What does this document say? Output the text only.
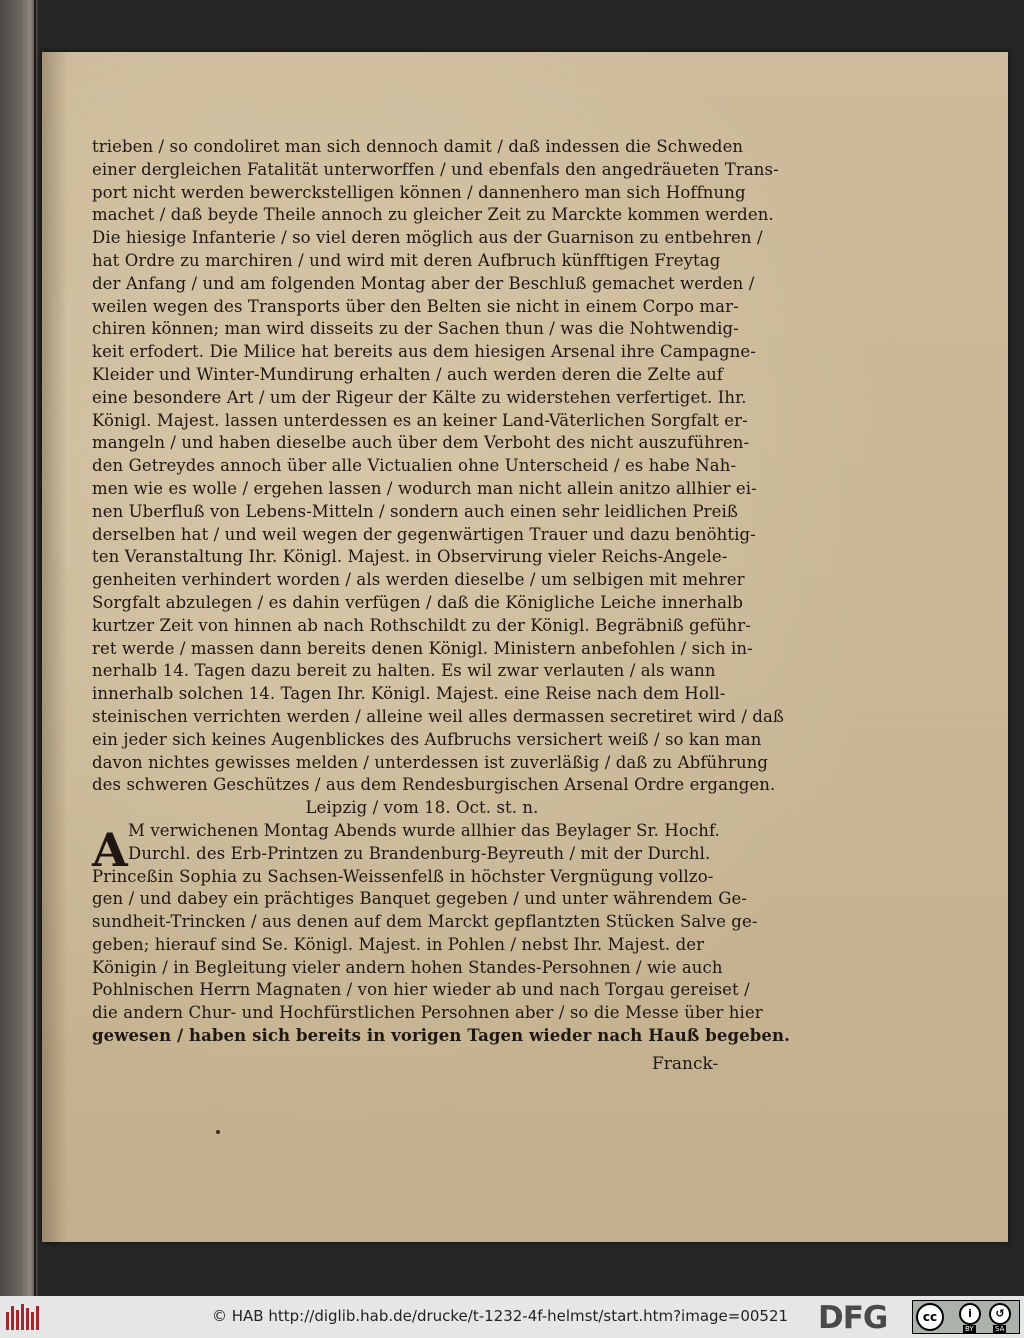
trieben / so condoliret man sich dennoch damit / daß indessen die Schweden
einer dergleichen Fatalität unterworffen / und ebenfals den angedräueten Trans-
port nicht werden bewerckstelligen können / dannenhero man sich Hoffnung
machet / daß beyde Theile annoch zu gleicher Zeit zu Marckte kommen werden.
Die hiesige Infanterie / so viel deren möglich aus der Guarnison zu entbehren /
hat Ordre zu marchiren / und wird mit deren Aufbruch künfftigen Freytag
der Anfang / und am folgenden Montag aber der Beschluß gemachet werden /
weilen wegen des Transports über den Belten sie nicht in einem Corpo mar-
chiren können; man wird disseits zu der Sachen thun / was die Nohtwendig-
keit erfodert. Die Milice hat bereits aus dem hiesigen Arsenal ihre Campagne-
Kleider und Winter-Mundirung erhalten / auch werden deren die Zelte auf
eine besondere Art / um der Rigeur der Kälte zu widerstehen verfertiget. Ihr.
Königl. Majest. lassen unterdessen es an keiner Land-Väterlichen Sorgfalt er-
mangeln / und haben dieselbe auch über dem Verboht des nicht auszuführen-
den Getreydes annoch über alle Victualien ohne Unterscheid / es habe Nah-
men wie es wolle / ergehen lassen / wodurch man nicht allein anitzo allhier ei-
nen Uberfluß von Lebens-Mitteln / sondern auch einen sehr leidlichen Preiß
derselben hat / und weil wegen der gegenwärtigen Trauer und dazu benöhtig-
ten Veranstaltung Ihr. Königl. Majest. in Observirung vieler Reichs-Angele-
genheiten verhindert worden / als werden dieselbe / um selbigen mit mehrer
Sorgfalt abzulegen / es dahin verfügen / daß die Königliche Leiche innerhalb
kurtzer Zeit von hinnen ab nach Rothschildt zu der Königl. Begräbniß geführ-
ret werde / massen dann bereits denen Königl. Ministern anbefohlen / sich in-
nerhalb 14. Tagen dazu bereit zu halten. Es wil zwar verlauten / als wann
innerhalb solchen 14. Tagen Ihr. Königl. Majest. eine Reise nach dem Holl-
steinischen verrichten werden / alleine weil alles dermassen secretiret wird / daß
ein jeder sich keines Augenblickes des Aufbruchs versichert weiß / so kan man
davon nichtes gewisses melden / unterdessen ist zuverläßig / daß zu Abführung
des schweren Geschützes / aus dem Rendesburgischen Arsenal Ordre ergangen.
Leipzig / vom 18. Oct. st. n.
M verwichenen Montag Abends wurde allhier das Beylager Sr. Hochf.
Durchl. des Erb-Printzen zu Brandenburg-Beyreuth / mit der Durchl.
Princeßin Sophia zu Sachsen-Weissenfelß in höchster Vergnügung vollzo-
gen / und dabey ein prächtiges Banquet gegeben / und unter währendem Ge-
sundheit-Trincken / aus denen auf dem Marckt gepflantzten Stücken Salve ge-
geben; hierauf sind Se. Königl. Majest. in Pohlen / nebst Ihr. Majest. der
Königin / in Begleitung vieler andern hohen Standes-Persohnen / wie auch
Pohlnischen Herrn Magnaten / von hier wieder ab und nach Torgau gereiset /
die andern Chur- und Hochfürstlichen Persohnen aber / so die Messe über hier
gewesen / haben sich bereits in vorigen Tagen wieder nach Hauß begeben.
A
Franck-
© HAB http://diglib.hab.de/drucke/t-1232-4f-helmst/start.htm?image=00521 DFG	cc	i	↺
BY	SA
